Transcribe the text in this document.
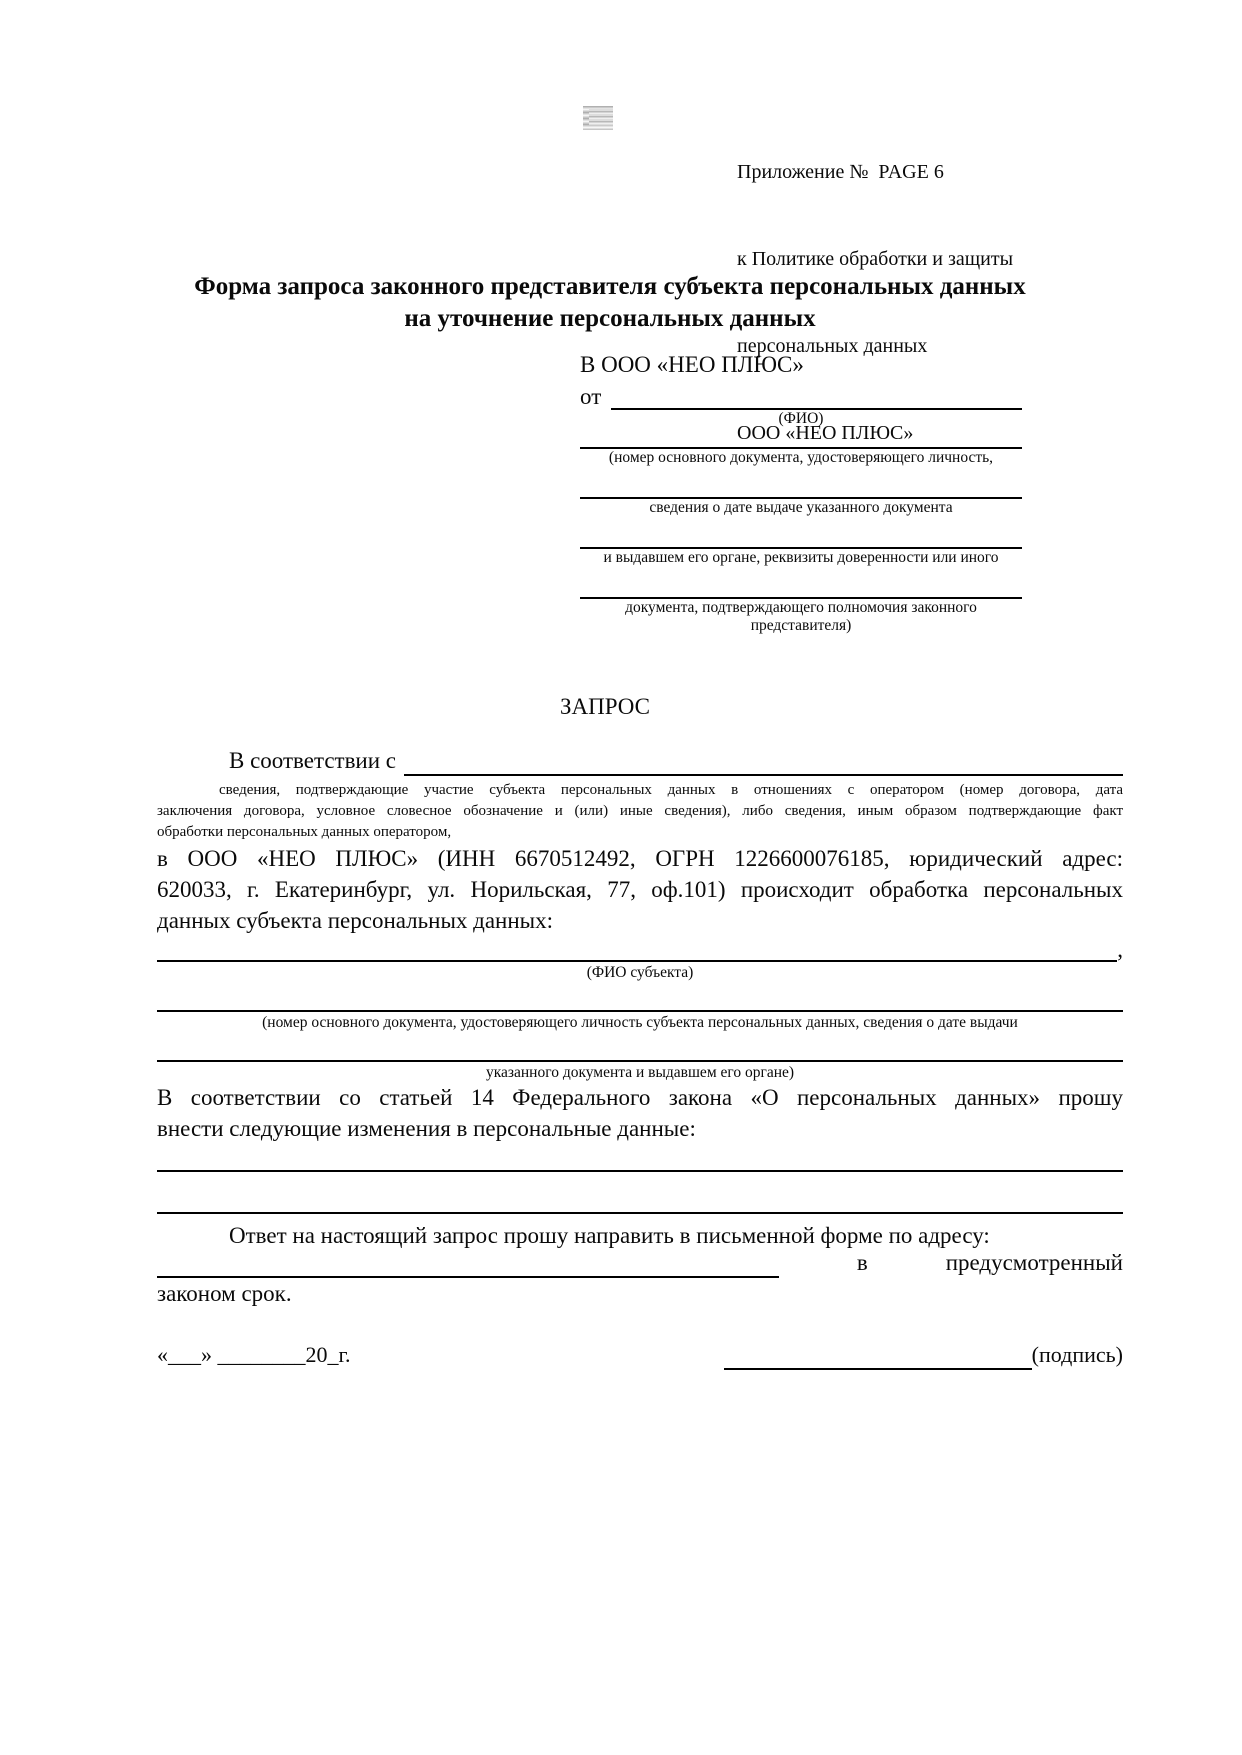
Приложение №  PAGE 6

к Политике обработки и защиты

персональных данных

ООО «НЕО ПЛЮС»

Форма запроса законного представителя субъекта персональных данных
на уточнение персональных данных
В ООО «НЕО ПЛЮС»
от
(ФИО)
(номер основного документа, удостоверяющего личность,
сведения о дате выдаче указанного документа
и выдавшем его органе, реквизиты доверенности или иного
документа, подтверждающего полномочия законного представителя)
ЗАПРОС
В соответствии с
сведения, подтверждающие участие субъекта персональных данных в отношениях с оператором (номер договора, дата
заключения договора, условное словесное обозначение и (или) иные сведения), либо сведения, иным образом подтверждающие факт
обработки персональных данных оператором,
в ООО «НЕО ПЛЮС» (ИНН 6670512492, ОГРН 1226600076185, юридический адрес:
620033, г. Екатеринбург, ул. Норильская, 77, оф.101) происходит обработка персональных
данных субъекта персональных данных:
,
(ФИО субъекта)
(номер основного документа, удостоверяющего личность субъекта персональных данных, сведения о дате выдачи
указанного документа и выдавшем его органе)
В соответствии со статьей 14 Федерального закона «О персональных данных» прошу
внести следующие изменения в персональные данные:
Ответ на настоящий запрос прошу направить в письменной форме по адресу:
в	предусмотренный
законом срок.
«___» ________20_г.	(подпись)
